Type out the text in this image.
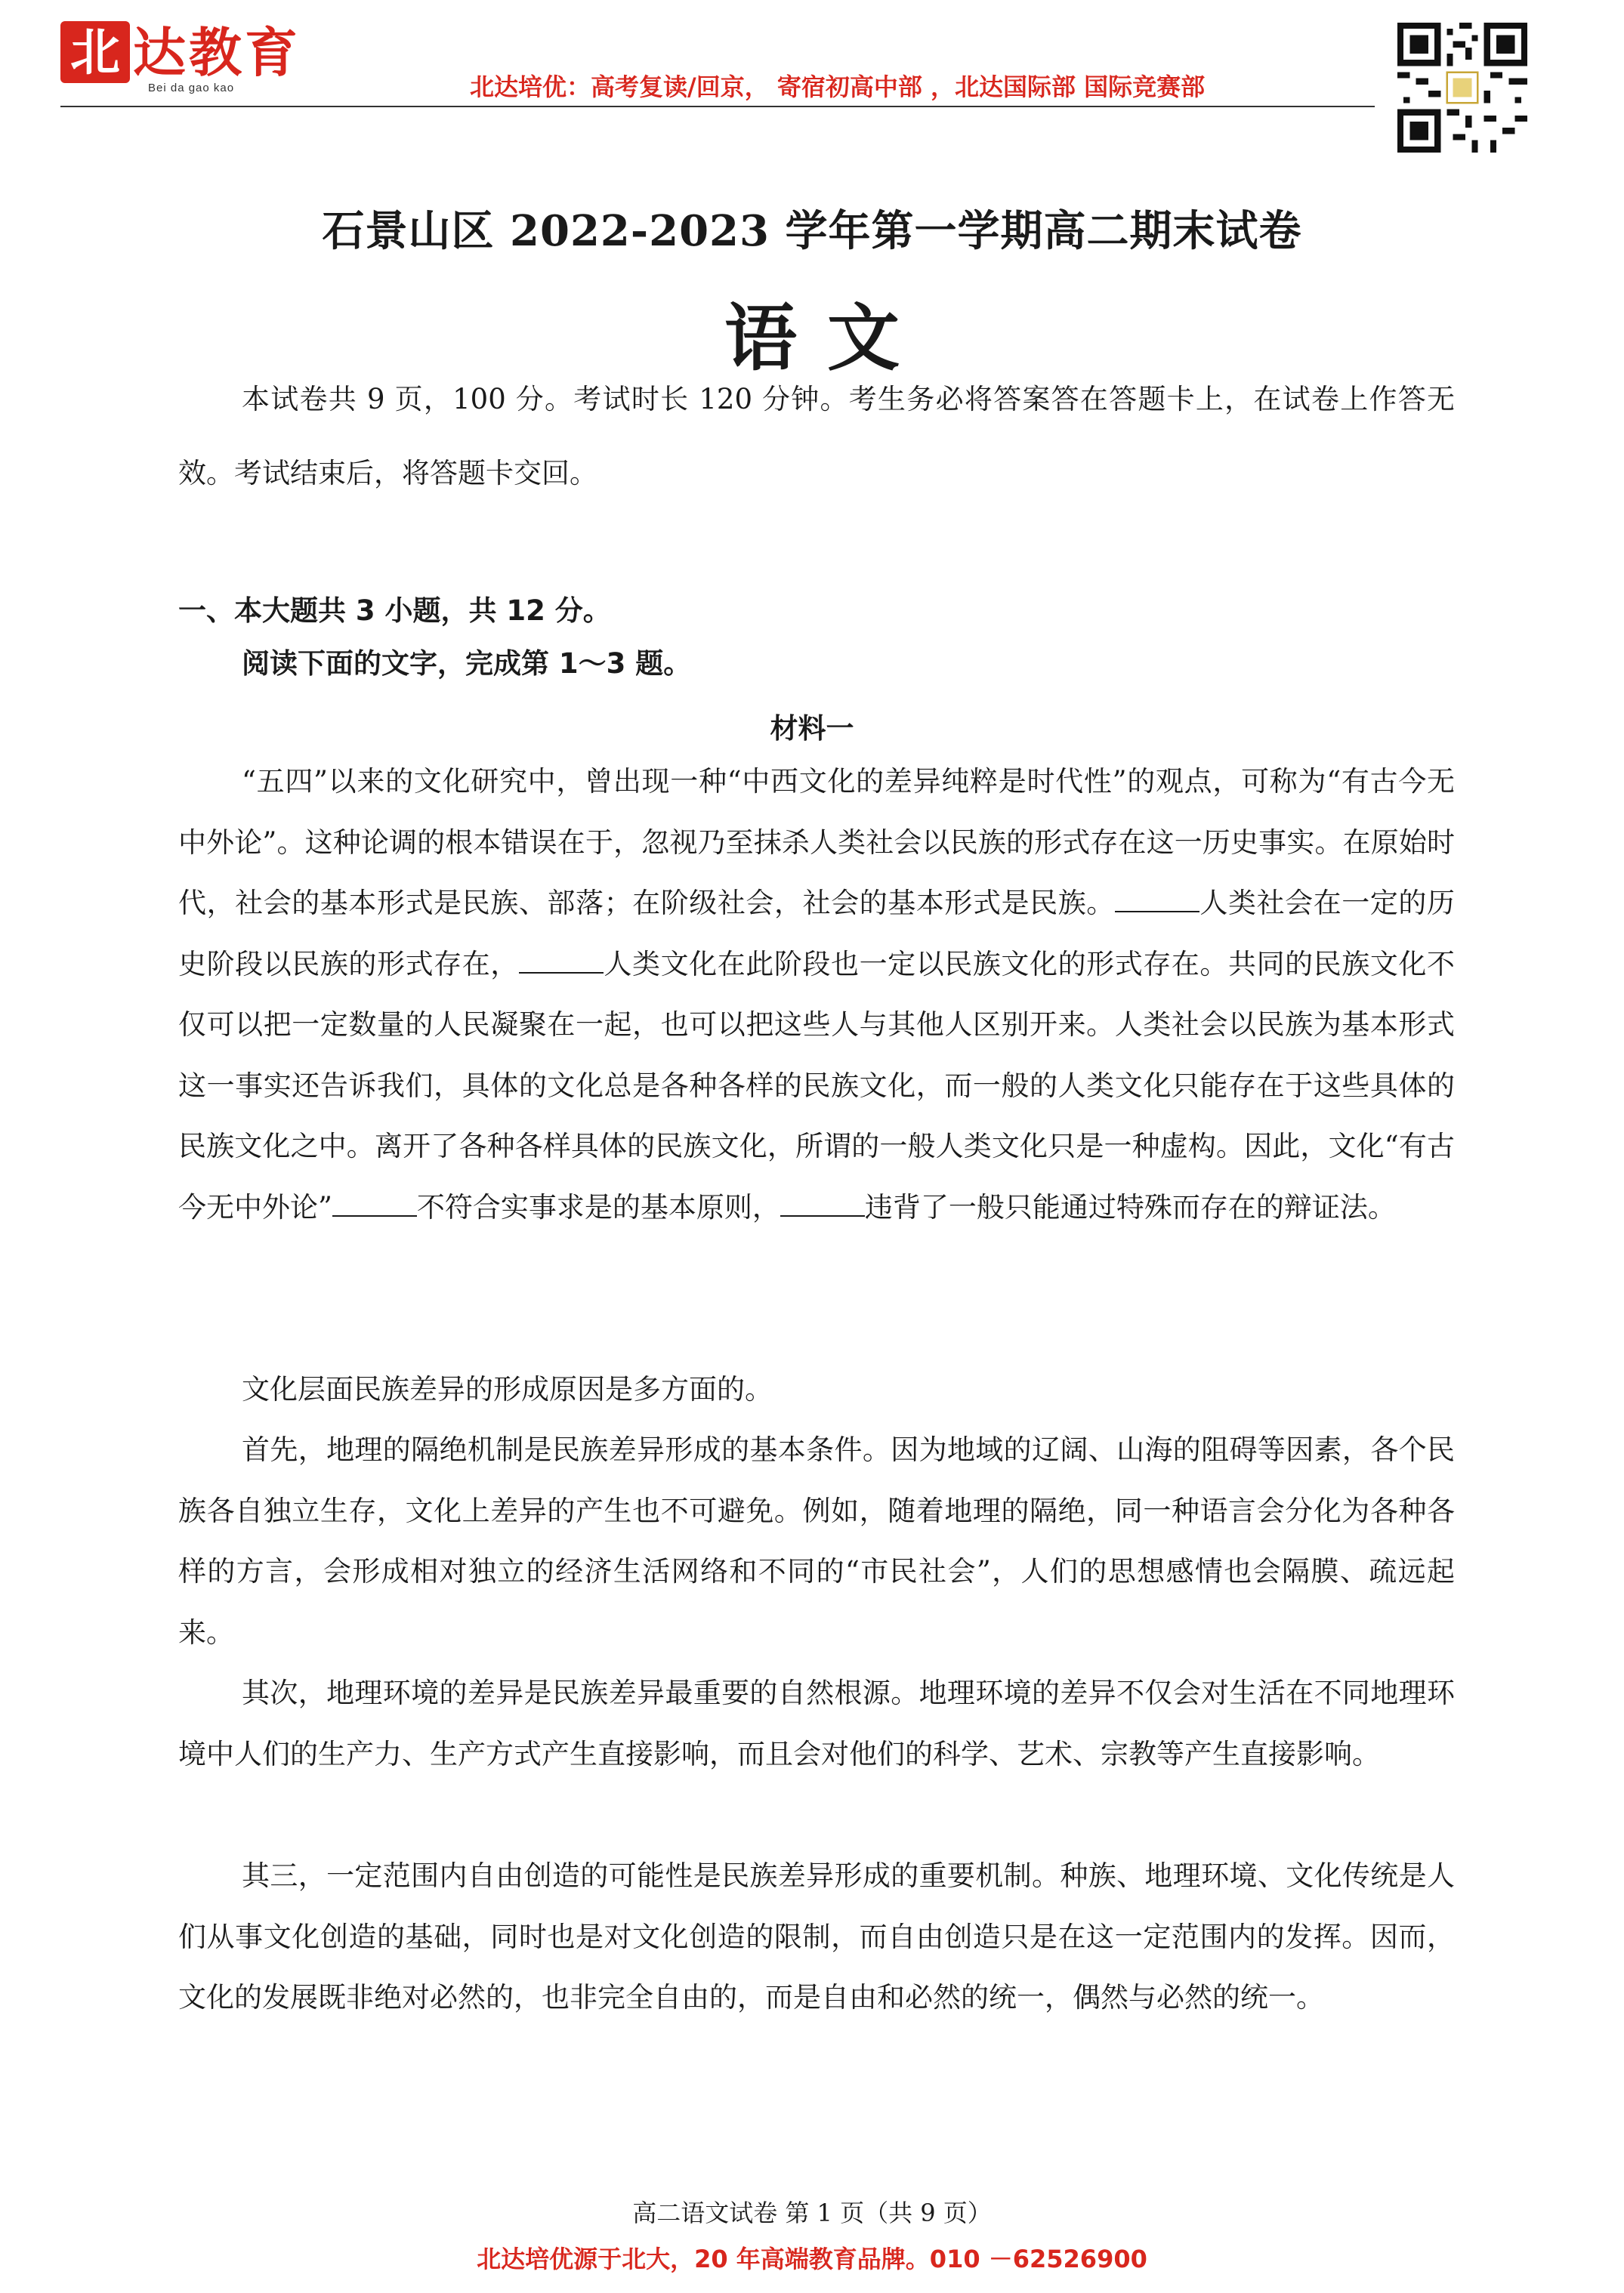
北 达教育
Bei da gao kao	北达培优：高考复读/回京， 寄宿初高中部 ，北达国际部 国际竞赛部
石景山区 2022-2023 学年第一学期高二期末试卷
语文
本试卷共 9 页，100 分。考试时长 120 分钟。考生务必将答案答在答题卡上，在试卷上作答无效。考试结束后，将答题卡交回。
一、本大题共 3 小题，共 12 分。
阅读下面的文字，完成第 1～3 题。
材料一
“五四”以来的文化研究中，曾出现一种“中西文化的差异纯粹是时代性”的观点，可称为“有古今无中外论”。这种论调的根本错误在于，忽视乃至抹杀人类社会以民族的形式存在这一历史事实。在原始时代，社会的基本形式是民族、部落；在阶级社会，社会的基本形式是民族。	人类社会在一定的历史阶段以民族的形式存在，	人类文化在此阶段也一定以民族文化的形式存在。共同的民族文化不仅可以把一定数量的人民凝聚在一起，也可以把这些人与其他人区别开来。人类社会以民族为基本形式这一事实还告诉我们，具体的文化总是各种各样的民族文化，而一般的人类文化只能存在于这些具体的民族文化之中。离开了各种各样具体的民族文化，所谓的一般人类文化只是一种虚构。因此，文化“有古今无中外论”	不符合实事求是的基本原则，	违背了一般只能通过特殊而存在的辩证法。
文化层面民族差异的形成原因是多方面的。
首先，地理的隔绝机制是民族差异形成的基本条件。因为地域的辽阔、山海的阻碍等因素，各个民族各自独立生存，文化上差异的产生也不可避免。例如，随着地理的隔绝，同一种语言会分化为各种各样的方言，会形成相对独立的经济生活网络和不同的“市民社会”，人们的思想感情也会隔膜、疏远起来。
其次，地理环境的差异是民族差异最重要的自然根源。地理环境的差异不仅会对生活在不同地理环境中人们的生产力、生产方式产生直接影响，而且会对他们的科学、艺术、宗教等产生直接影响。
其三，一定范围内自由创造的可能性是民族差异形成的重要机制。种族、地理环境、文化传统是人们从事文化创造的基础，同时也是对文化创造的限制，而自由创造只是在这一定范围内的发挥。因而，文化的发展既非绝对必然的，也非完全自由的，而是自由和必然的统一，偶然与必然的统一。
高二语文试卷 第 1 页（共 9 页）
北达培优源于北大，20 年高端教育品牌。010 －62526900
